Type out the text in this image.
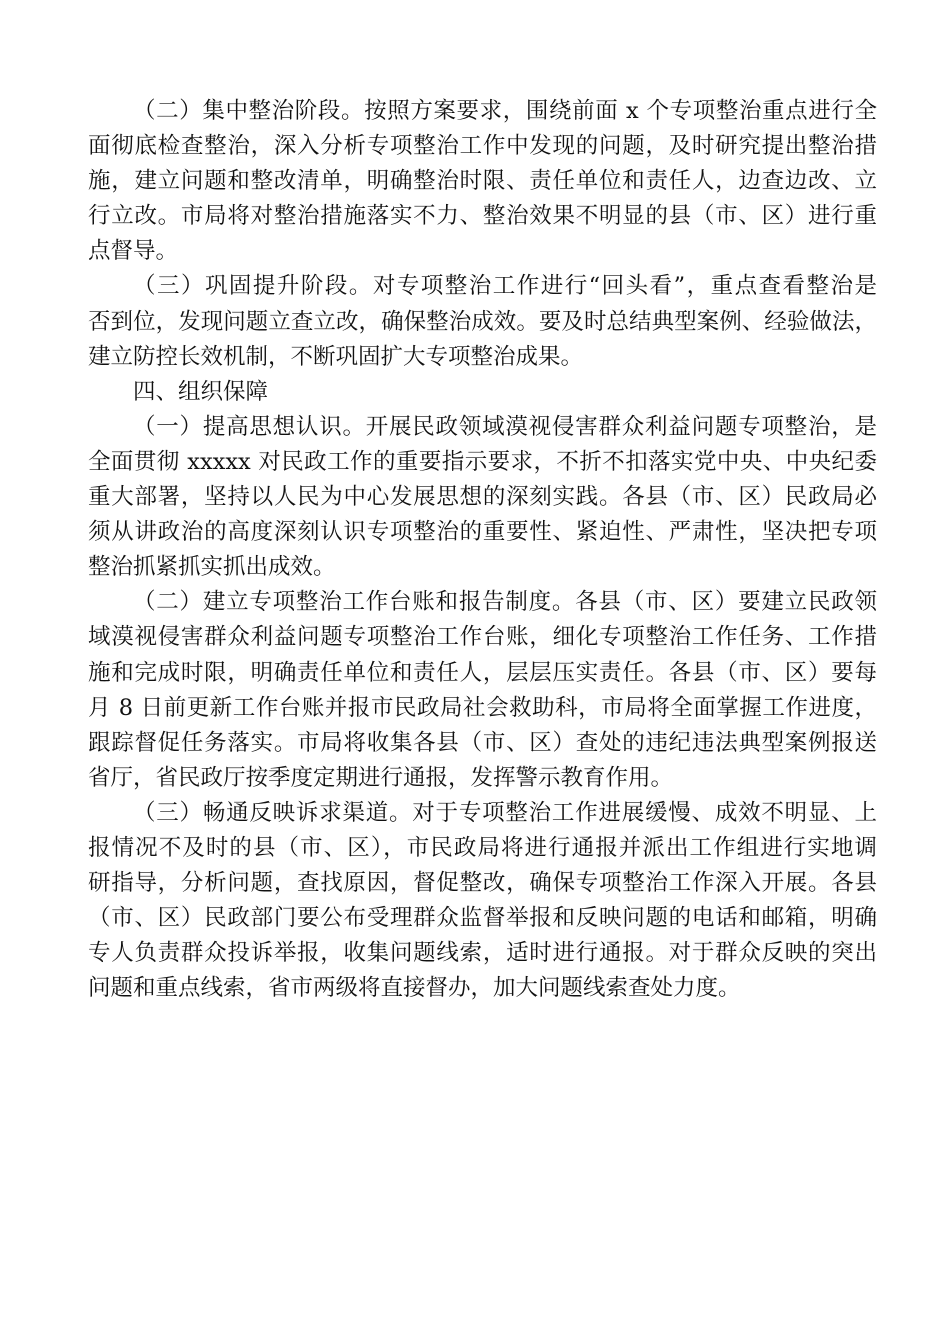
（二）集中整治阶段。按照方案要求，围绕前面 x 个专项整治重点进行全
面彻底检查整治，深入分析专项整治工作中发现的问题，及时研究提出整治措
施，建立问题和整改清单，明确整治时限、责任单位和责任人，边查边改、立
行立改。市局将对整治措施落实不力、整治效果不明显的县（市、区）进行重
点督导。
（三）巩固提升阶段。对专项整治工作进行“回头看”，重点查看整治是
否到位，发现问题立查立改，确保整治成效。要及时总结典型案例、经验做法，
建立防控长效机制，不断巩固扩大专项整治成果。
四、组织保障
（一）提高思想认识。开展民政领域漠视侵害群众利益问题专项整治，是
全面贯彻 xxxxx 对民政工作的重要指示要求，不折不扣落实党中央、中央纪委
重大部署，坚持以人民为中心发展思想的深刻实践。各县（市、区）民政局必
须从讲政治的高度深刻认识专项整治的重要性、紧迫性、严肃性，坚决把专项
整治抓紧抓实抓出成效。
（二）建立专项整治工作台账和报告制度。各县（市、区）要建立民政领
域漠视侵害群众利益问题专项整治工作台账，细化专项整治工作任务、工作措
施和完成时限，明确责任单位和责任人，层层压实责任。各县（市、区）要每
月 8 日前更新工作台账并报市民政局社会救助科，市局将全面掌握工作进度，
跟踪督促任务落实。市局将收集各县（市、区）查处的违纪违法典型案例报送
省厅，省民政厅按季度定期进行通报，发挥警示教育作用。
（三）畅通反映诉求渠道。对于专项整治工作进展缓慢、成效不明显、上
报情况不及时的县（市、区），市民政局将进行通报并派出工作组进行实地调
研指导，分析问题，查找原因，督促整改，确保专项整治工作深入开展。各县
（市、区）民政部门要公布受理群众监督举报和反映问题的电话和邮箱，明确
专人负责群众投诉举报，收集问题线索，适时进行通报。对于群众反映的突出
问题和重点线索，省市两级将直接督办，加大问题线索查处力度。
